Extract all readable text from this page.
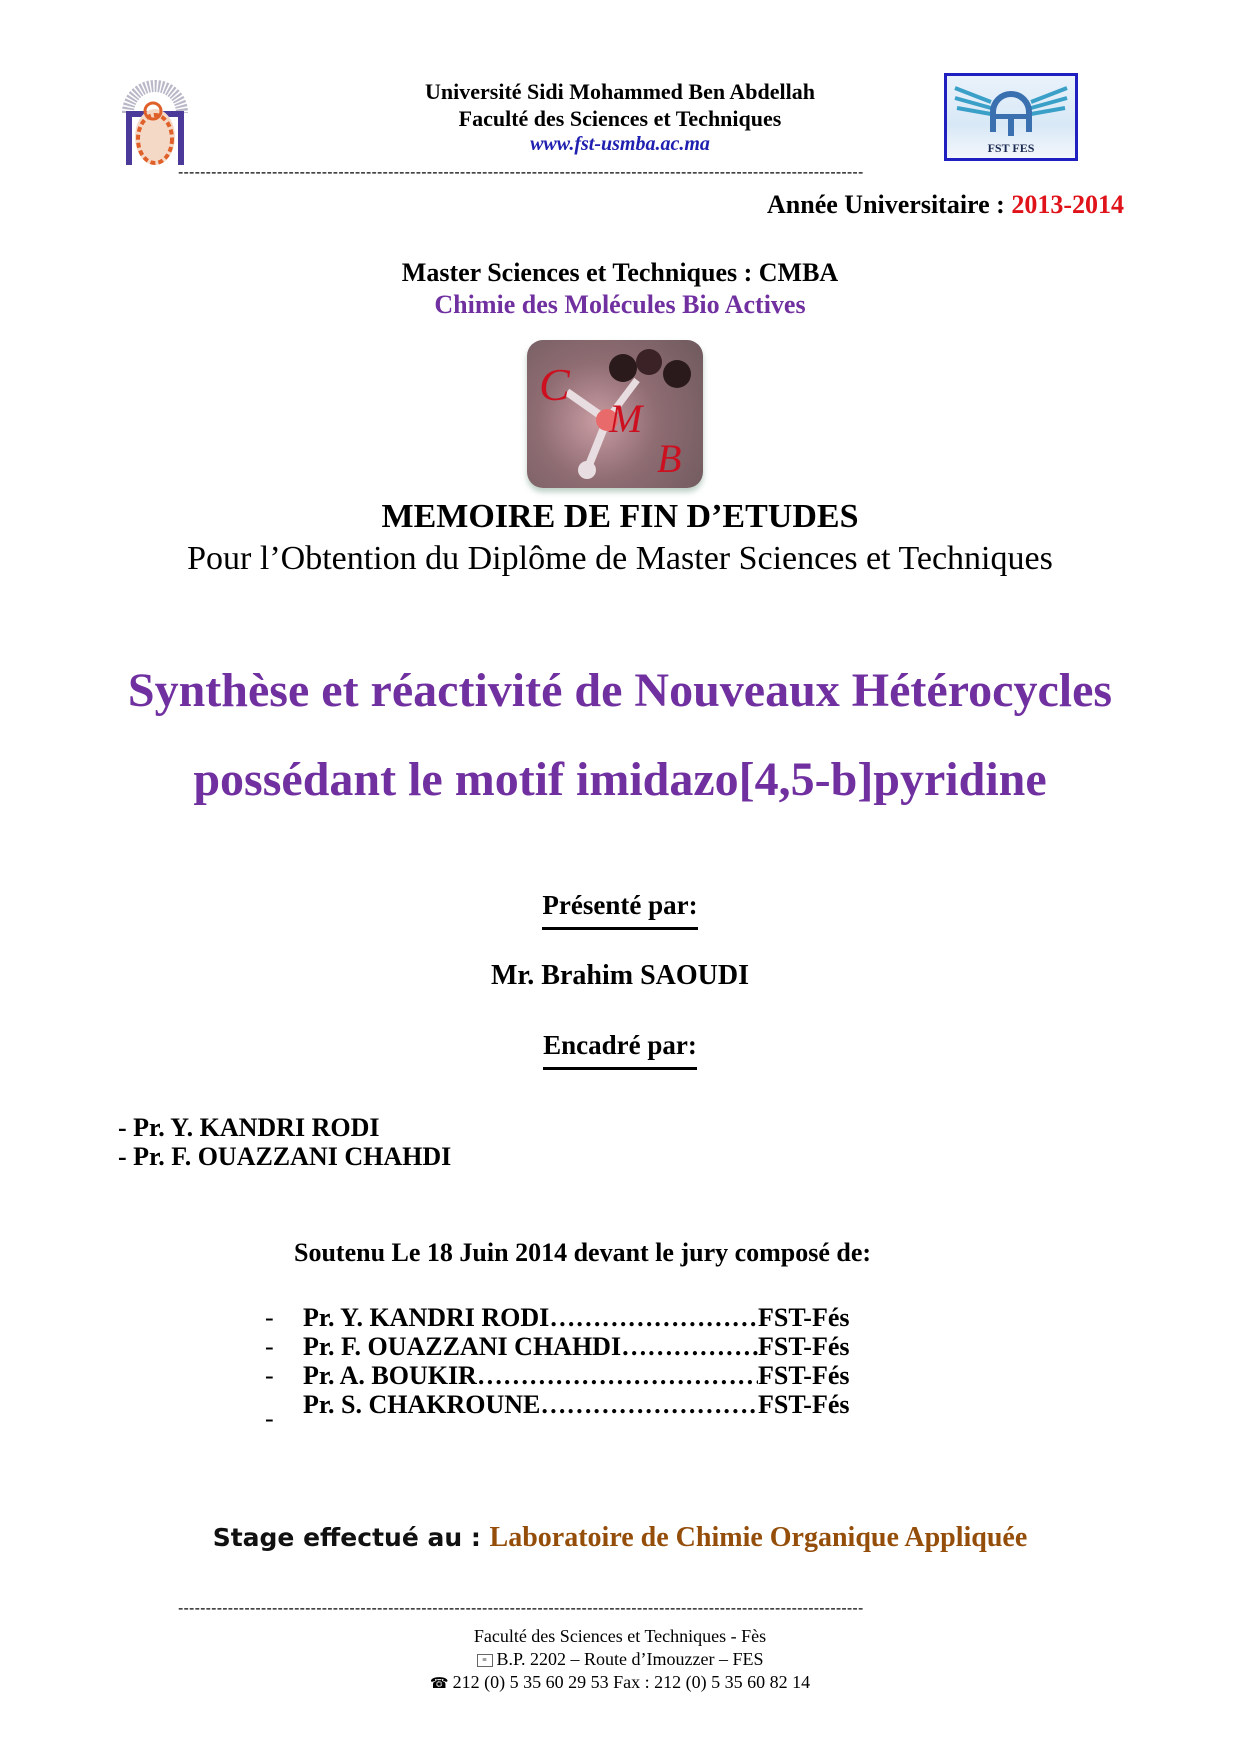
Université Sidi Mohammed Ben Abdellah
Faculté des Sciences et Techniques
www.fst-usmba.ac.ma	FST FES
----------------------------------------------------------------------------------------------------------------------------
Année Universitaire : 2013-2014
Master Sciences et Techniques : CMBA
Chimie des Molécules Bio Actives
C
M
B
MEMOIRE DE FIN D’ETUDES
Pour l’Obtention du Diplôme de Master Sciences et Techniques
Synthèse et réactivité de Nouveaux Hétérocycles
possédant le motif imidazo[4,5-b]pyridine
Présenté par:
Mr. Brahim SAOUDI
Encadré par:
- Pr. Y. KANDRI RODI
- Pr. F. OUAZZANI CHAHDI
Soutenu Le 18 Juin 2014 devant le jury composé de:
- Pr. Y. KANDRI RODI ………………………………………………	FST-Fés
- Pr. F. OUAZZANI CHAHDI ………………………………………………	FST-Fés
- Pr. A. BOUKIR ………………………………………………	FST-Fés
- Pr. S. CHAKROUNE ………………………………………………	FST-Fés
Stage effectué au : Laboratoire de Chimie Organique Appliquée
----------------------------------------------------------------------------------------------------------------------------
Faculté des Sciences et Techniques - Fès
≡ B.P. 2202 – Route d’Imouzzer – FES
☎ 212 (0) 5 35 60 29 53 Fax : 212 (0) 5 35 60 82 14
